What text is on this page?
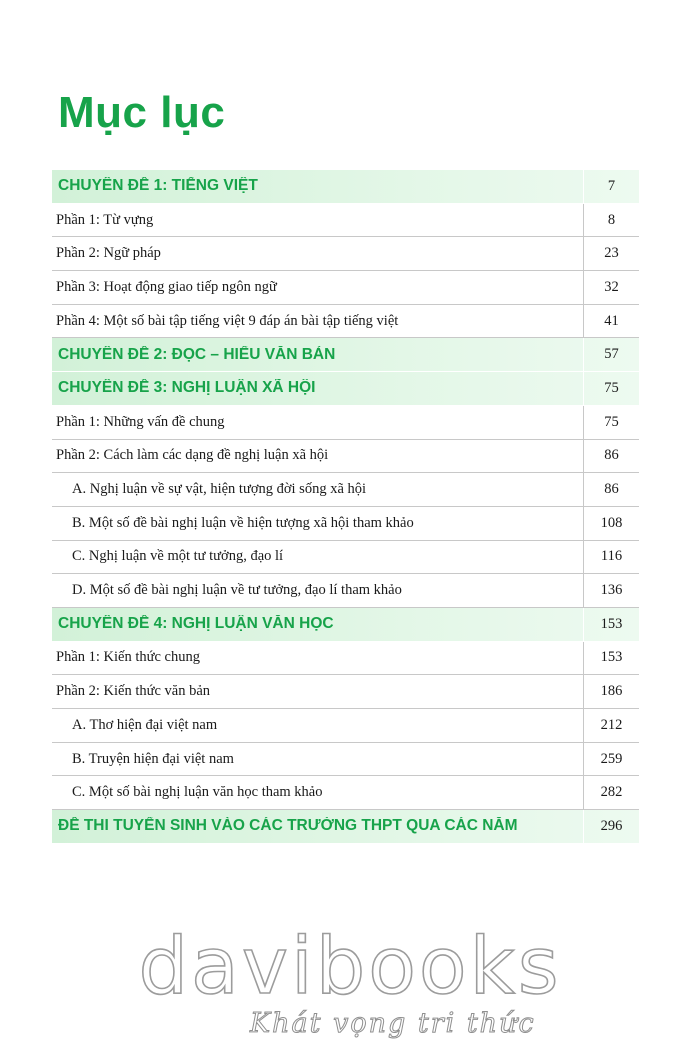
Mục lục
CHUYÊN ĐỀ 1: TIẾNG VIỆT	7
Phần 1: Từ vựng	8
Phần 2: Ngữ pháp	23
Phần 3: Hoạt động giao tiếp ngôn ngữ	32
Phần 4: Một số bài tập tiếng việt 9 đáp án bài tập tiếng việt	41
CHUYÊN ĐỀ 2: ĐỌC – HIỂU VĂN BẢN	57
CHUYÊN ĐỀ 3: NGHỊ LUẬN XÃ HỘI	75
Phần 1: Những vấn đề chung	75
Phần 2: Cách làm các dạng đề nghị luận xã hội	86
A. Nghị luận về sự vật, hiện tượng đời sống xã hội	86
B. Một số đề bài nghị luận về hiện tượng xã hội tham khảo	108
C. Nghị luận về một tư tưởng, đạo lí	116
D. Một số đề bài nghị luận về tư tưởng, đạo lí tham khảo	136
CHUYÊN ĐỀ 4: NGHỊ LUẬN VĂN HỌC	153
Phần 1: Kiến thức chung	153
Phần 2: Kiến thức văn bản	186
A. Thơ hiện đại việt nam	212
B. Truyện hiện đại việt nam	259
C. Một số bài nghị luận văn học tham khảo	282
ĐỀ THI TUYỂN SINH VÀO CÁC TRƯỜNG THPT QUA CÁC NĂM	296
davibooks
Khát vọng tri thức
